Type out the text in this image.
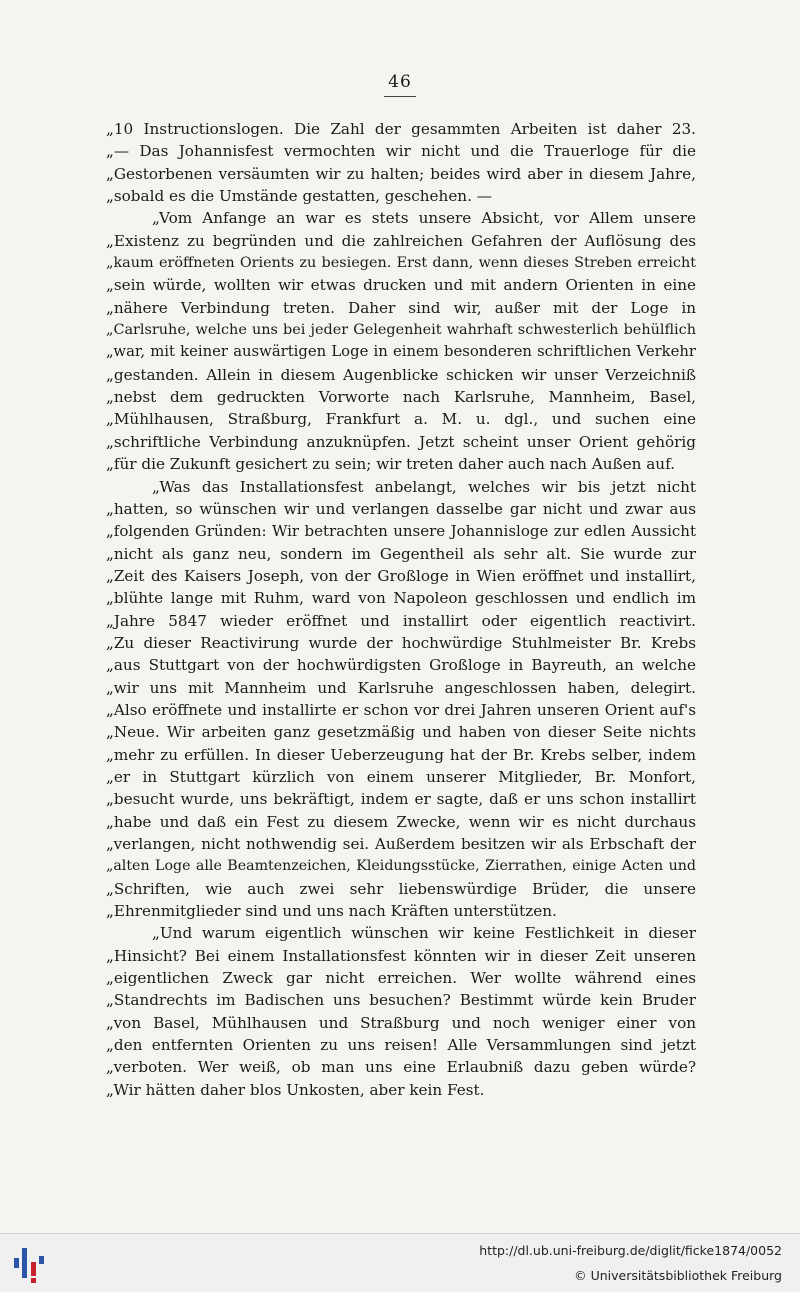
46
„10 Instructionslogen. Die Zahl der gesammten Arbeiten ist daher 23.
„— Das Johannisfest vermochten wir nicht und die Trauerloge für die
„Gestorbenen versäumten wir zu halten; beides wird aber in diesem Jahre,
„sobald es die Umstände gestatten, geschehen. —
„Vom Anfange an war es stets unsere Absicht, vor Allem unsere
„Existenz zu begründen und die zahlreichen Gefahren der Auflösung des
„kaum eröffneten Orients zu besiegen. Erst dann, wenn dieses Streben erreicht
„sein würde, wollten wir etwas drucken und mit andern Orienten in eine
„nähere Verbindung treten. Daher sind wir, außer mit der Loge in
„Carlsruhe, welche uns bei jeder Gelegenheit wahrhaft schwesterlich behülflich
„war, mit keiner auswärtigen Loge in einem besonderen schriftlichen Verkehr
„gestanden. Allein in diesem Augenblicke schicken wir unser Verzeichniß
„nebst dem gedruckten Vorworte nach Karlsruhe, Mannheim, Basel,
„Mühlhausen, Straßburg, Frankfurt a. M. u. dgl., und suchen eine
„schriftliche Verbindung anzuknüpfen. Jetzt scheint unser Orient gehörig
„für die Zukunft gesichert zu sein; wir treten daher auch nach Außen auf.
„Was das Installationsfest anbelangt, welches wir bis jetzt nicht
„hatten, so wünschen wir und verlangen dasselbe gar nicht und zwar aus
„folgenden Gründen: Wir betrachten unsere Johannisloge zur edlen Aussicht
„nicht als ganz neu, sondern im Gegentheil als sehr alt. Sie wurde zur
„Zeit des Kaisers Joseph, von der Großloge in Wien eröffnet und installirt,
„blühte lange mit Ruhm, ward von Napoleon geschlossen und endlich im
„Jahre 5847 wieder eröffnet und installirt oder eigentlich reactivirt.
„Zu dieser Reactivirung wurde der hochwürdige Stuhlmeister Br. Krebs
„aus Stuttgart von der hochwürdigsten Großloge in Bayreuth, an welche
„wir uns mit Mannheim und Karlsruhe angeschlossen haben, delegirt.
„Also eröffnete und installirte er schon vor drei Jahren unseren Orient auf's
„Neue. Wir arbeiten ganz gesetzmäßig und haben von dieser Seite nichts
„mehr zu erfüllen. In dieser Ueberzeugung hat der Br. Krebs selber, indem
„er in Stuttgart kürzlich von einem unserer Mitglieder, Br. Monfort,
„besucht wurde, uns bekräftigt, indem er sagte, daß er uns schon installirt
„habe und daß ein Fest zu diesem Zwecke, wenn wir es nicht durchaus
„verlangen, nicht nothwendig sei. Außerdem besitzen wir als Erbschaft der
„alten Loge alle Beamtenzeichen, Kleidungsstücke, Zierrathen, einige Acten und
„Schriften, wie auch zwei sehr liebenswürdige Brüder, die unsere
„Ehrenmitglieder sind und uns nach Kräften unterstützen.
„Und warum eigentlich wünschen wir keine Festlichkeit in dieser
„Hinsicht? Bei einem Installationsfest könnten wir in dieser Zeit unseren
„eigentlichen Zweck gar nicht erreichen. Wer wollte während eines
„Standrechts im Badischen uns besuchen? Bestimmt würde kein Bruder
„von Basel, Mühlhausen und Straßburg und noch weniger einer von
„den entfernten Orienten zu uns reisen! Alle Versammlungen sind jetzt
„verboten. Wer weiß, ob man uns eine Erlaubniß dazu geben würde?
„Wir hätten daher blos Unkosten, aber kein Fest.
http://dl.ub.uni-freiburg.de/diglit/ficke1874/0052
© Universitätsbibliothek Freiburg
